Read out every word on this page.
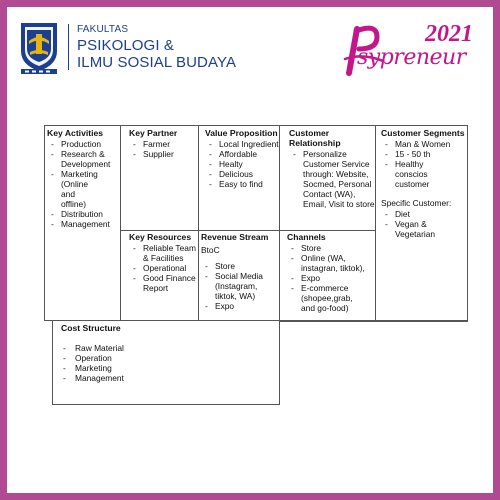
FAKULTAS
PSIKOLOGI &
ILMU SOSIAL BUDAYA
2021
sypreneur
Key Activities
- Production
- Research &
Development
- Marketing
(Online
and
offline)
- Distribution
- Management
Key Partner
- Farmer
- Supplier
Value Proposition
- Local Ingredient
- Affordable
- Healty
- Delicious
- Easy to find
Customer
Relationship
- Personalize
Customer Service
through: Website,
Socmed, Personal
Contact (WA),
Email, Visit to store
Customer Segments
- Man & Women
- 15 - 50 th
- Healthy
conscios
customer
Specific Customer:
- Diet
- Vegan &
Vegetarian
Key Resources
- Reliable Team
& Facilities
- Operational
- Good Finance
Report
Revenue Stream
BtoC
- Store
- Social Media
(Instagram,
tiktok, WA)
- Expo
Channels
- Store
- Online (WA,
instagran, tiktok),
- Expo
- E-commerce
(shopee,grab,
and go-food)
Cost Structure
- Raw Material
- Operation
- Marketing
- Management
